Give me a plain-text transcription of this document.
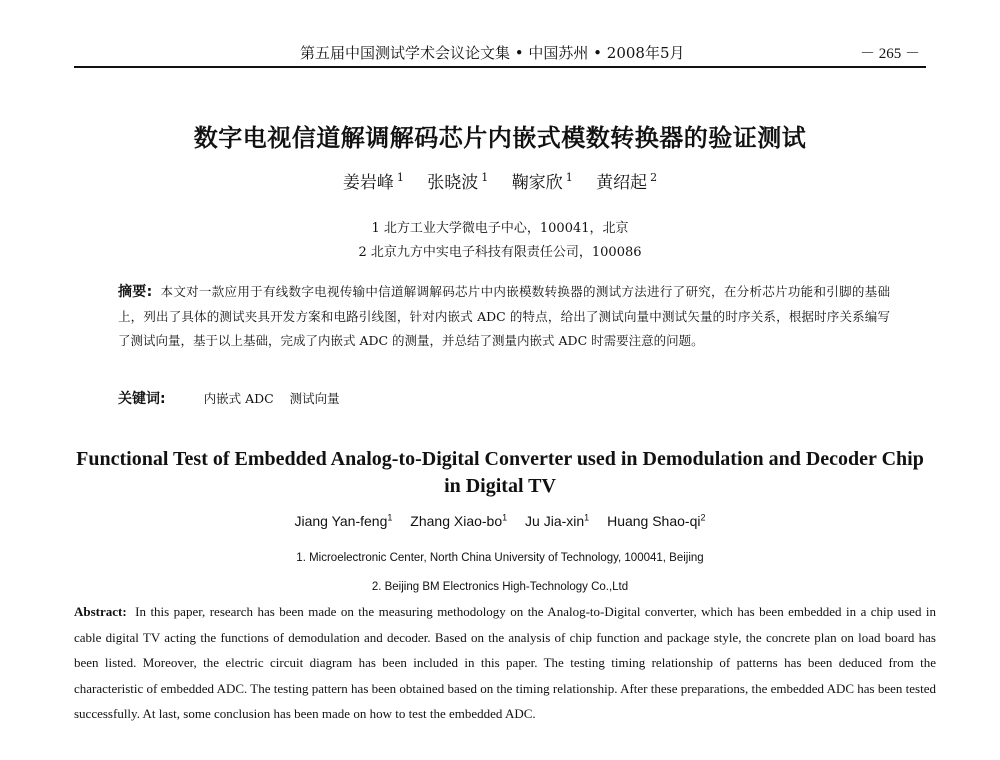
第五届中国测试学术会议论文集 • 中国苏州 • 2008年5月	－ 265 －
数字电视信道解调解码芯片内嵌式模数转换器的验证测试
姜岩峰 $^1$ 张晓波 $^1$ 鞠家欣 $^1$ 黄绍起 $^2$
1 北方工业大学微电子中心，100041，北京
2 北京九方中实电子科技有限责任公司，100086
摘要: 本文对一款应用于有线数字电视传输中信道解调解码芯片中内嵌模数转换器的测试方法进行了研究，在分析芯片功能和引脚的基础上，列出了具体的测试夹具开发方案和电路引线图，针对内嵌式 ADC 的特点，给出了测试向量中测试矢量的时序关系，根据时序关系编写了测试向量，基于以上基础，完成了内嵌式 ADC 的测量，并总结了测量内嵌式 ADC 时需要注意的问题。
关键词:	内嵌式 ADC 测试向量
Functional Test of Embedded Analog-to-Digital Converter used in Demodulation and Decoder Chip
in Digital TV
Jiang Yan-feng$^1$ Zhang Xiao-$bo^1$ Ju Jia-xin$^1$ Huang Shao-$qi^2$
1. Microelectronic Center, North China University of Technology, 100041, Beijing
2. Beijing BM Electronics High-Technology Co.,Ltd
Abstract: In this paper, research has been made on the measuring methodology on the Analog-to-Digital converter, which has been embedded in a chip used in cable digital TV acting the functions of demodulation and decoder. Based on the analysis of chip function and package style, the concrete plan on load board has been listed. Moreover, the electric circuit diagram has been included in this paper. The testing timing relationship of patterns has been deduced from the characteristic of embedded ADC. The testing pattern has been obtained based on the timing relationship. After these preparations, the embedded ADC has been tested successfully. At last, some conclusion has been made on how to test the embedded ADC.
